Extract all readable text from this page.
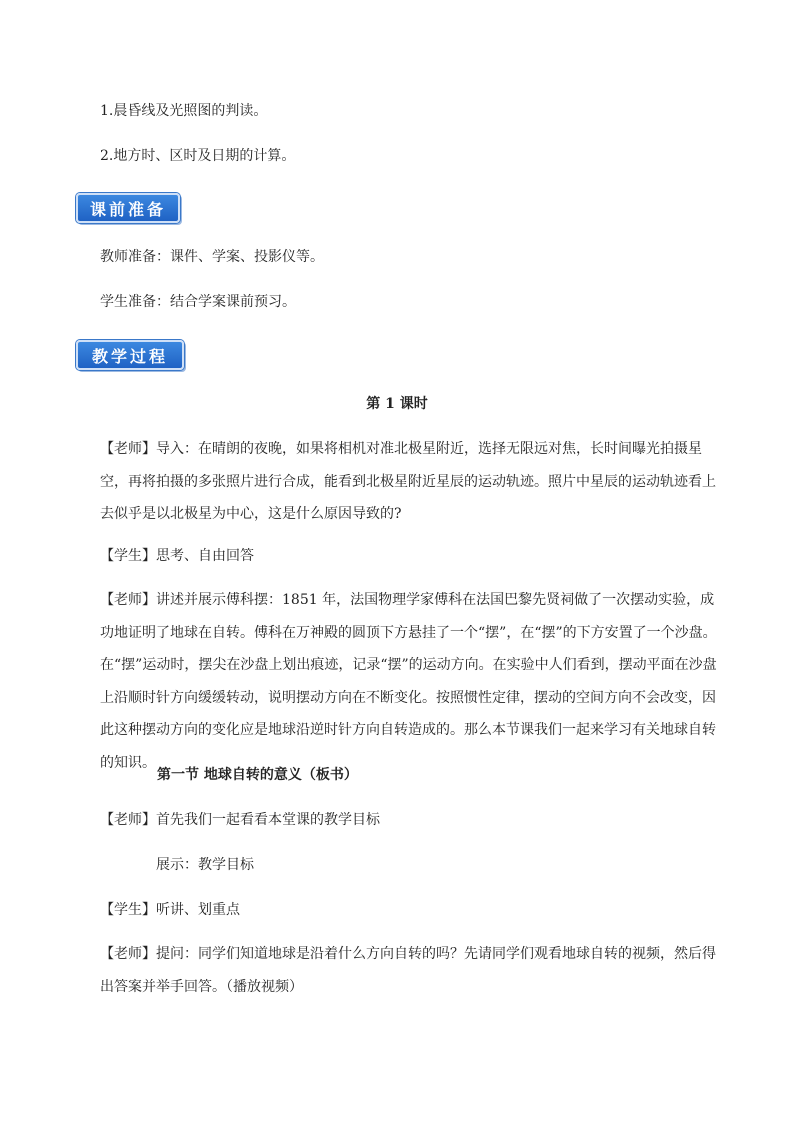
1.晨昏线及光照图的判读。
2.地方时、区时及日期的计算。
课前准备
教师准备：课件、学案、投影仪等。
学生准备：结合学案课前预习。
教学过程
第 1 课时
【老师】导入：在晴朗的夜晚，如果将相机对准北极星附近，选择无限远对焦，长时间曝光拍摄星空，再将拍摄的多张照片进行合成，能看到北极星附近星辰的运动轨迹。照片中星辰的运动轨迹看上去似乎是以北极星为中心，这是什么原因导致的?
【学生】思考、自由回答
【老师】讲述并展示傅科摆：1851 年，法国物理学家傅科在法国巴黎先贤祠做了一次摆动实验，成功地证明了地球在自转。傅科在万神殿的圆顶下方悬挂了一个“摆”，在“摆”的下方安置了一个沙盘。在“摆”运动时，摆尖在沙盘上划出痕迹，记录“摆”的运动方向。在实验中人们看到，摆动平面在沙盘上沿顺时针方向缓缓转动，说明摆动方向在不断变化。按照惯性定律，摆动的空间方向不会改变，因此这种摆动方向的变化应是地球沿逆时针方向自转造成的。那么本节课我们一起来学习有关地球自转的知识。
第一节 地球自转的意义（板书）
【老师】首先我们一起看看本堂课的教学目标
展示：教学目标
【学生】听讲、划重点
【老师】提问：同学们知道地球是沿着什么方向自转的吗？先请同学们观看地球自转的视频，然后得出答案并举手回答。（播放视频）
